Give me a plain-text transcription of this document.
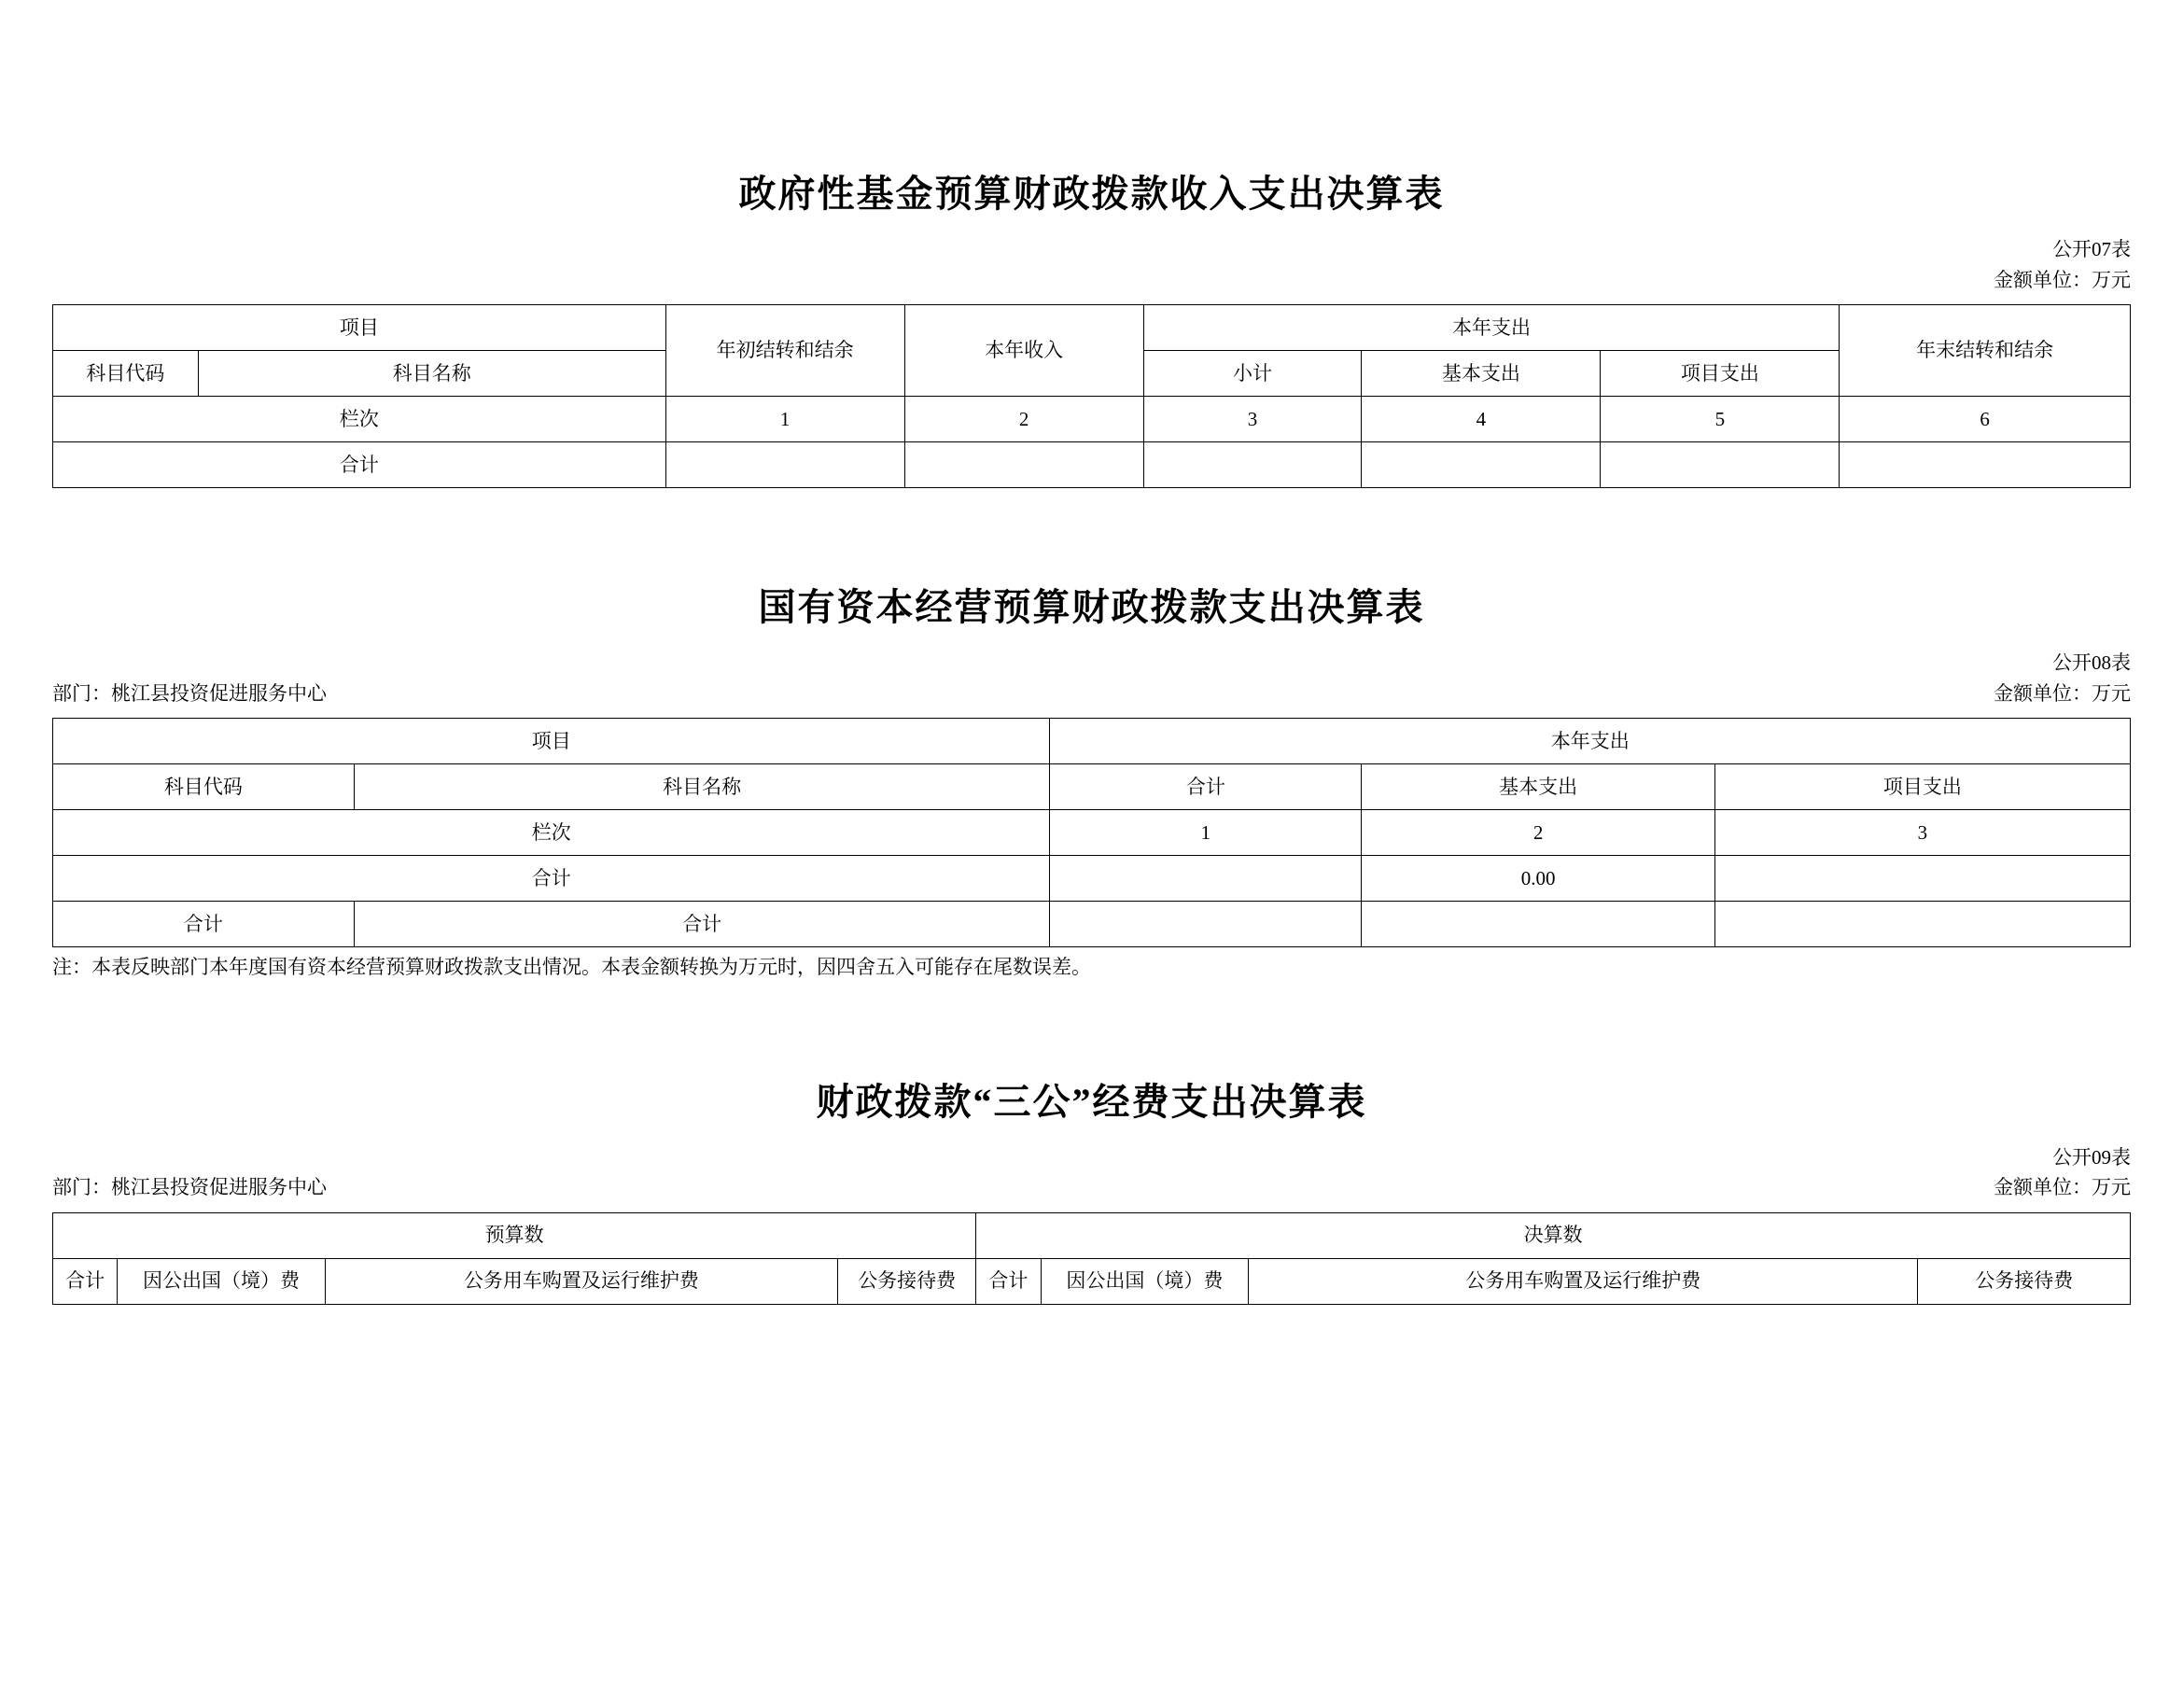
政府性基金预算财政拨款收入支出决算表
公开07表
金额单位：万元
项目		年初结转和结余	本年收入	本年支出			年末结转和结余
科目代码	科目名称			小计	基本支出	项目支出	
栏次		1	2	3	4	5	6
合计							
国有资本经营预算财政拨款支出决算表
公开08表
部门：桃江县投资促进服务中心	金额单位：万元
项目		本年支出		
科目代码	科目名称	合计	基本支出	项目支出
栏次		1	2	3
合计			0.00	
合计	合计			
注：本表反映部门本年度国有资本经营预算财政拨款支出情况。本表金额转换为万元时，因四舍五入可能存在尾数误差。
财政拨款“三公”经费支出决算表
公开09表
部门：桃江县投资促进服务中心	金额单位：万元
预算数				决算数			
合计	因公出国（境）费	公务用车购置及运行维护费	公务接待费	合计	因公出国（境）费	公务用车购置及运行维护费	公务接待费
